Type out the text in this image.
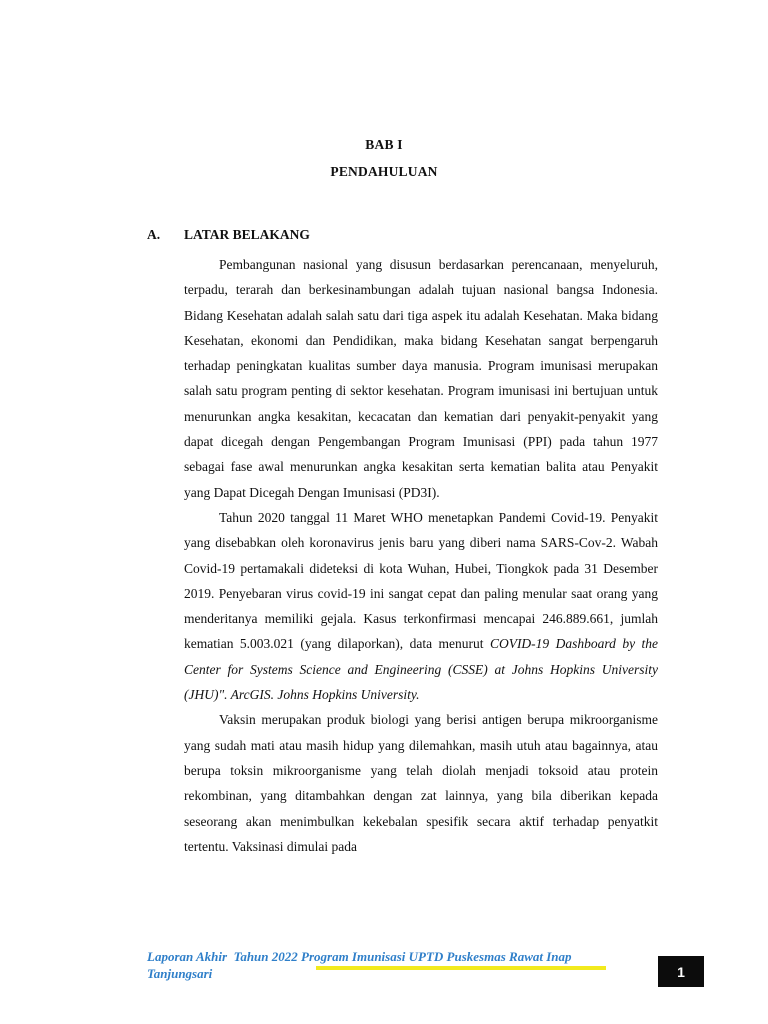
BAB I
PENDAHULUAN
A. LATAR BELAKANG

Pembangunan nasional yang disusun berdasarkan perencanaan, menyeluruh, terpadu, terarah dan berkesinambungan adalah tujuan nasional bangsa Indonesia. Bidang Kesehatan adalah salah satu dari tiga aspek itu adalah Kesehatan. Maka bidang Kesehatan, ekonomi dan Pendidikan, maka bidang Kesehatan sangat berpengaruh terhadap peningkatan kualitas sumber daya manusia. Program imunisasi merupakan salah satu program penting di sektor kesehatan. Program imunisasi ini bertujuan untuk menurunkan angka kesakitan, kecacatan dan kematian dari penyakit-penyakit yang dapat dicegah dengan Pengembangan Program Imunisasi (PPI) pada tahun 1977 sebagai fase awal menurunkan angka kesakitan serta kematian balita atau Penyakit yang Dapat Dicegah Dengan Imunisasi (PD3I).

Tahun 2020 tanggal 11 Maret WHO menetapkan Pandemi Covid-19. Penyakit yang disebabkan oleh koronavirus jenis baru yang diberi nama SARS-Cov-2. Wabah Covid-19 pertamakali dideteksi di kota Wuhan, Hubei, Tiongkok pada 31 Desember 2019. Penyebaran virus covid-19 ini sangat cepat dan paling menular saat orang yang menderitanya memiliki gejala. Kasus terkonfirmasi mencapai 246.889.661, jumlah kematian 5.003.021 (yang dilaporkan), data menurut COVID-19 Dashboard by the Center for Systems Science and Engineering (CSSE) at Johns Hopkins University (JHU)". ArcGIS. Johns Hopkins University.

Vaksin merupakan produk biologi yang berisi antigen berupa mikroorganisme yang sudah mati atau masih hidup yang dilemahkan, masih utuh atau bagainnya, atau berupa toksin mikroorganisme yang telah diolah menjadi toksoid atau protein rekombinan, yang ditambahkan dengan zat lainnya, yang bila diberikan kepada seseorang akan menimbulkan kekebalan spesifik secara aktif terhadap penyatkit tertentu. Vaksinasi dimulai pada

Laporan Akhir  Tahun 2022 Program Imunisasi UPTD Puskesmas Rawat Inap
Tanjungsari	1
